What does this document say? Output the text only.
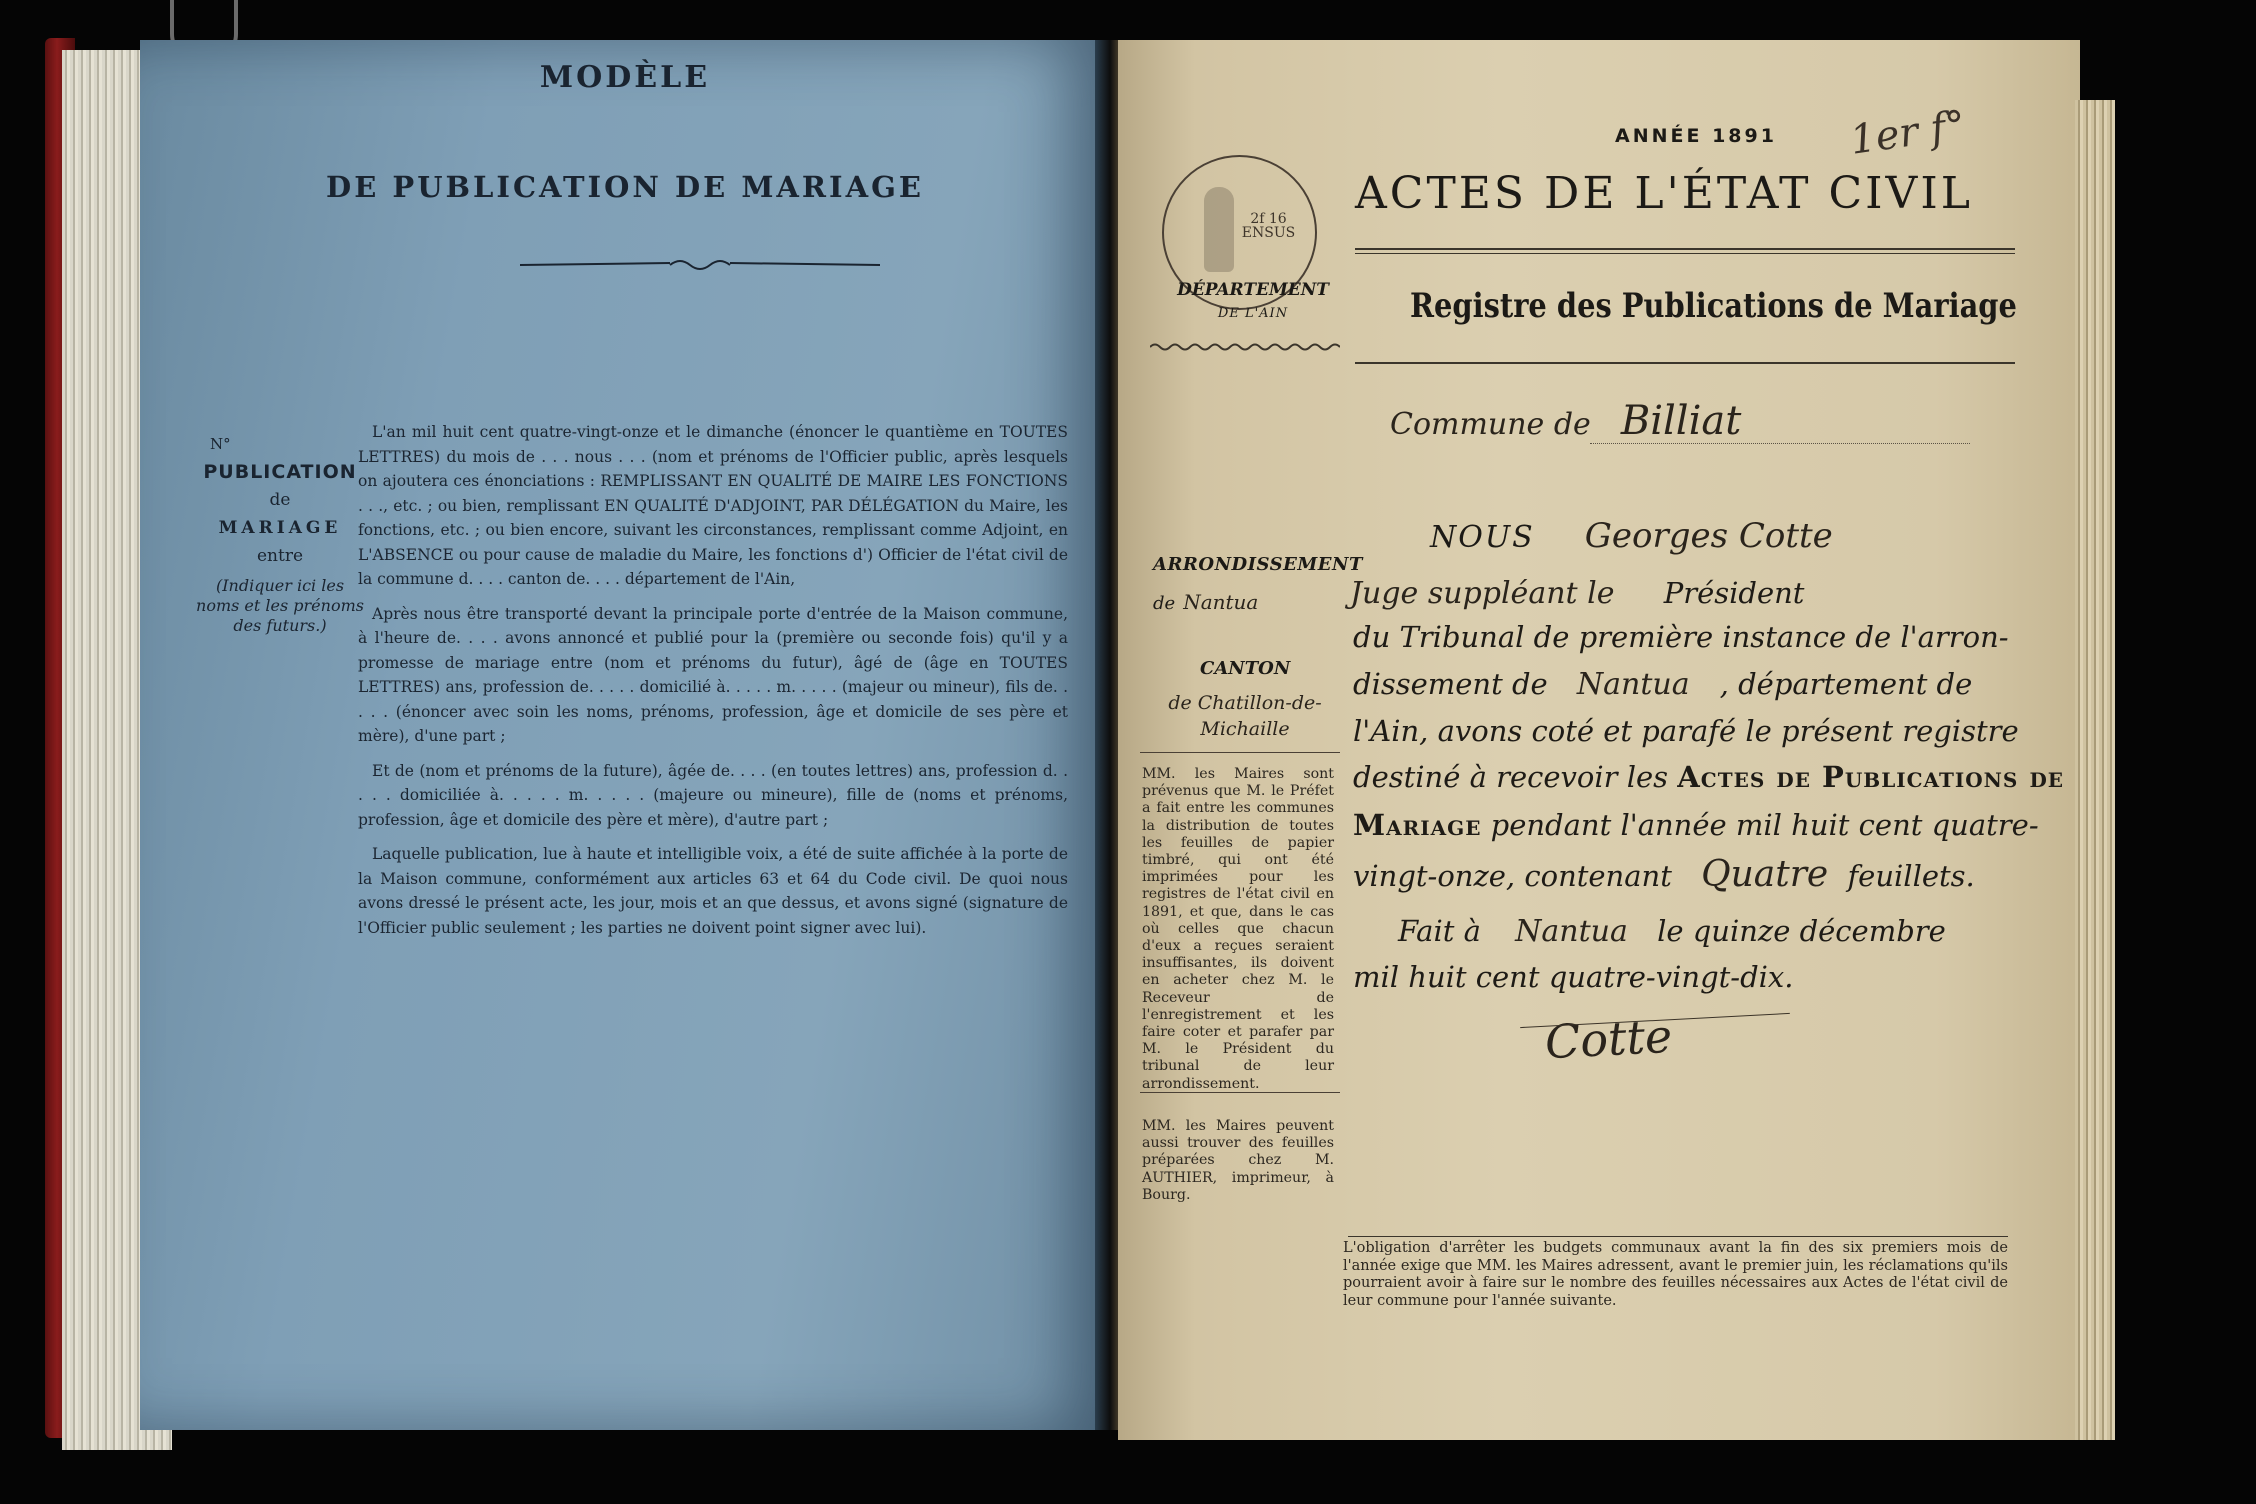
MODÈLE
DE PUBLICATION DE MARIAGE
N°
PUBLICATION
de
MARIAGE
entre
(Indiquer ici les noms et les prénoms des futurs.)

L'an mil huit cent quatre-vingt-onze et le dimanche (énoncer le quantième en TOUTES LETTRES) du mois de . . . nous . . . (nom et prénoms de l'Officier public, après lesquels on ajoutera ces énonciations : REMPLISSANT EN QUALITÉ DE MAIRE LES FONCTIONS . . ., etc. ; ou bien, remplissant EN QUALITÉ D'ADJOINT, PAR DÉLÉGATION du Maire, les fonctions, etc. ; ou bien encore, suivant les circonstances, remplissant comme Adjoint, en L'ABSENCE ou pour cause de maladie du Maire, les fonctions d') Officier de l'état civil de la commune d. . . . canton de. . . . département de l'Ain,

Après nous être transporté devant la principale porte d'entrée de la Maison commune, à l'heure de. . . . avons annoncé et publié pour la (première ou seconde fois) qu'il y a promesse de mariage entre (nom et prénoms du futur), âgé de (âge en TOUTES LETTRES) ans, profession de. . . . . domicilié à. . . . . m. . . . . (majeur ou mineur), fils de. . . . . (énoncer avec soin les noms, prénoms, profession, âge et domicile de ses père et mère), d'une part ;

Et de (nom et prénoms de la future), âgée de. . . . (en toutes lettres) ans, profession d. . . . . domiciliée à. . . . . m. . . . . (majeure ou mineure), fille de (noms et prénoms, profession, âge et domicile des père et mère), d'autre part ;

Laquelle publication, lue à haute et intelligible voix, a été de suite affichée à la porte de la Maison commune, conformément aux articles 63 et 64 du Code civil. De quoi nous avons dressé le présent acte, les jour, mois et an que dessus, et avons signé (signature de l'Officier public seulement ; les parties ne doivent point signer avec lui).

2f 16 ENSUS
DÉPARTEMENT
DE L'AIN
ANNÉE 1891 1er f°
ACTES DE L'ÉTAT CIVIL
Registre des Publications de Mariage
Commune de Billiat
ARRONDISSEMENT
de Nantua
CANTON
de Chatillon-de-Michaille
MM. les Maires sont prévenus que M. le Préfet a fait entre les communes la distribution de toutes les feuilles de papier timbré, qui ont été imprimées pour les registres de l'état civil en 1891, et que, dans le cas où celles que chacun d'eux a reçues seraient insuffisantes, ils doivent en acheter chez M. le Receveur de l'enregistrement et les faire coter et parafer par M. le Président du tribunal de leur arrondissement.
MM. les Maires peuvent aussi trouver des feuilles préparées chez M. AUTHIER, imprimeur, à Bourg.
NOUS Georges Cotte
Juge suppléant le Président
du Tribunal de première instance de l'arron-
dissement de Nantua , département de
l'Ain, avons coté et parafé le présent registre
destiné à recevoir les Actes de Publications de
Mariage pendant l'année mil huit cent quatre-
vingt-onze, contenant Quatre feuillets.
Fait à Nantua le quinze décembre
mil huit cent quatre-vingt-dix.
Cotte
L'obligation d'arrêter les budgets communaux avant la fin des six premiers mois de l'année exige que MM. les Maires adressent, avant le premier juin, les réclamations qu'ils pourraient avoir à faire sur le nombre des feuilles nécessaires aux Actes de l'état civil de leur commune pour l'année suivante.
